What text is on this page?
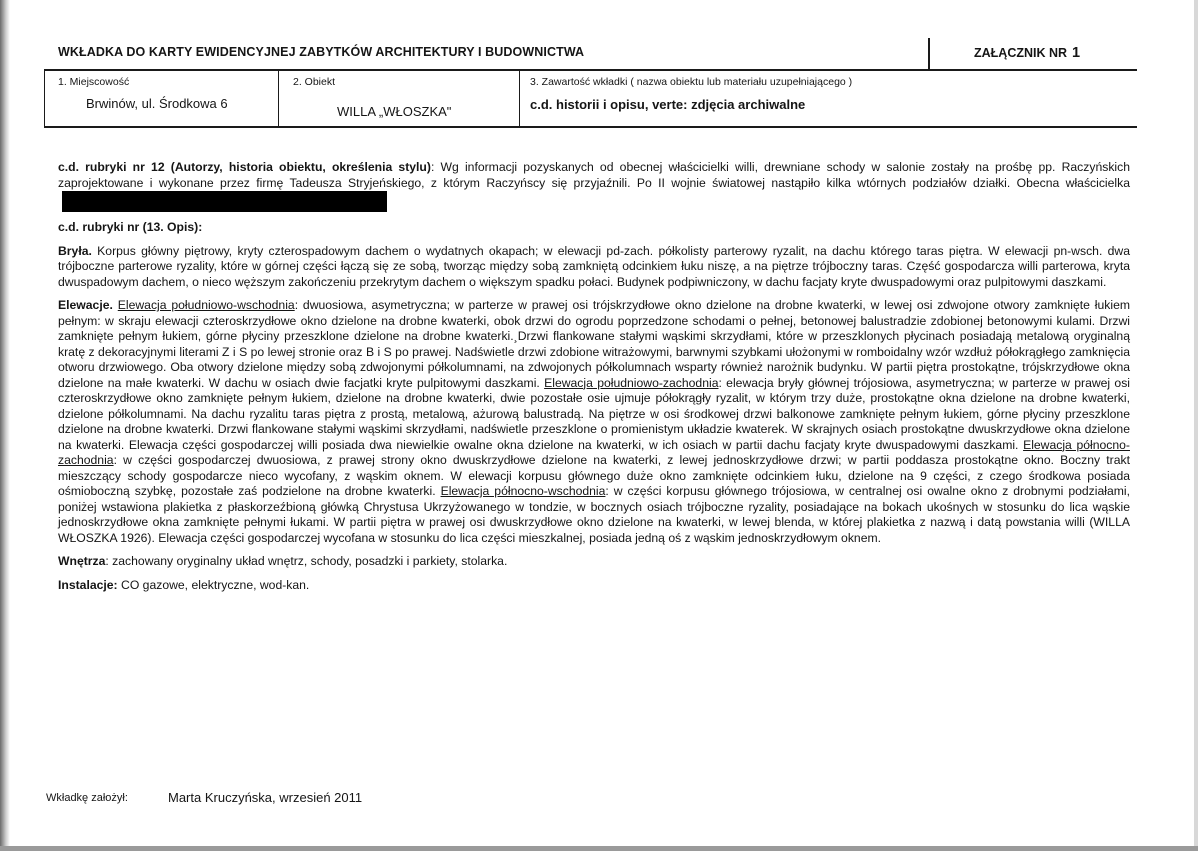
WKŁADKA DO KARTY EWIDENCYJNEJ ZABYTKÓW ARCHITEKTURY I BUDOWNICTWA	ZAŁĄCZNIK NR 1
1. Miejscowość
Brwinów, ul. Środkowa 6
2. Obiekt
WILLA „WŁOSZKA"
3. Zawartość wkładki ( nazwa obiektu lub materiału uzupełniającego )
c.d. historii i opisu, verte: zdjęcia archiwalne

c.d. rubryki nr 12 (Autorzy, historia obiektu, określenia stylu): Wg informacji pozyskanych od obecnej właścicielki willi, drewniane schody w salonie zostały na prośbę pp. Raczyńskich zaprojektowane i wykonane przez firmę Tadeusza Stryjeńskiego, z którym Raczyńscy się przyjaźnili. Po II wojnie światowej nastąpiło kilka wtórnych podziałów działki. Obecna właścicielka

c.d. rubryki nr (13. Opis):

Bryła. Korpus główny piętrowy, kryty czterospadowym dachem o wydatnych okapach; w elewacji pd-zach. półkolisty parterowy ryzalit, na dachu którego taras piętra. W elewacji pn-wsch. dwa trójboczne parterowe ryzality, które w górnej części łączą się ze sobą, tworząc między sobą zamkniętą odcinkiem łuku niszę, a na piętrze trójboczny taras. Część gospodarcza willi parterowa, kryta dwuspadowym dachem, o nieco węższym zakończeniu przekrytym dachem o większym spadku połaci. Budynek podpiwniczony, w dachu facjaty kryte dwuspadowymi oraz pulpitowymi daszkami.

Elewacje. Elewacja południowo-wschodnia: dwuosiowa, asymetryczna; w parterze w prawej osi trójskrzydłowe okno dzielone na drobne kwaterki, w lewej osi zdwojone otwory zamknięte łukiem pełnym: w skraju elewacji czteroskrzydłowe okno dzielone na drobne kwaterki, obok drzwi do ogrodu poprzedzone schodami o pełnej, betonowej balustradzie zdobionej betonowymi kulami. Drzwi zamknięte pełnym łukiem, górne płyciny przeszklone dzielone na drobne kwaterki.¸Drzwi flankowane stałymi wąskimi skrzydłami, które w przeszklonych płycinach posiadają metalową oryginalną kratę z dekoracyjnymi literami Z i S po lewej stronie oraz B i S po prawej. Nadświetle drzwi zdobione witrażowymi, barwnymi szybkami ułożonymi w romboidalny wzór wzdłuż półokrągłego zamknięcia otworu drzwiowego. Oba otwory dzielone między sobą zdwojonymi półkolumnami, na zdwojonych półkolumnach wsparty również narożnik budynku. W partii piętra prostokątne, trójskrzydłowe okna dzielone na małe kwaterki. W dachu w osiach dwie facjatki kryte pulpitowymi daszkami. Elewacja południowo-zachodnia: elewacja bryły głównej trójosiowa, asymetryczna; w parterze w prawej osi czteroskrzydłowe okno zamknięte pełnym łukiem, dzielone na drobne kwaterki, dwie pozostałe osie ujmuje półokrągły ryzalit, w którym trzy duże, prostokątne okna dzielone na drobne kwaterki, dzielone półkolumnami. Na dachu ryzalitu taras piętra z prostą, metalową, ażurową balustradą. Na piętrze w osi środkowej drzwi balkonowe zamknięte pełnym łukiem, górne płyciny przeszklone dzielone na drobne kwaterki. Drzwi flankowane stałymi wąskimi skrzydłami, nadświetle przeszklone o promienistym układzie kwaterek. W skrajnych osiach prostokątne dwuskrzydłowe okna dzielone na kwaterki. Elewacja części gospodarczej willi posiada dwa niewielkie owalne okna dzielone na kwaterki, w ich osiach w partii dachu facjaty kryte dwuspadowymi daszkami. Elewacja północno-zachodnia: w części gospodarczej dwuosiowa, z prawej strony okno dwuskrzydłowe dzielone na kwaterki, z lewej jednoskrzydłowe drzwi; w partii poddasza prostokątne okno. Boczny trakt mieszczący schody gospodarcze nieco wycofany, z wąskim oknem. W elewacji korpusu głównego duże okno zamknięte odcinkiem łuku, dzielone na 9 części, z czego środkowa posiada ośmioboczną szybkę, pozostałe zaś podzielone na drobne kwaterki. Elewacja północno-wschodnia: w części korpusu głównego trójosiowa, w centralnej osi owalne okno z drobnymi podziałami, poniżej wstawiona plakietka z płaskorzeźbioną główką Chrystusa Ukrzyżowanego w tondzie, w bocznych osiach trójboczne ryzality, posiadające na bokach ukośnych w stosunku do lica wąskie jednoskrzydłowe okna zamknięte pełnymi łukami. W partii piętra w prawej osi dwuskrzydłowe okno dzielone na kwaterki, w lewej blenda, w której plakietka z nazwą i datą powstania willi (WILLA WŁOSZKA 1926). Elewacja części gospodarczej wycofana w stosunku do lica części mieszkalnej, posiada jedną oś z wąskim jednoskrzydłowym oknem.

Wnętrza: zachowany oryginalny układ wnętrz, schody, posadzki i parkiety, stolarka.

Instalacje: CO gazowe, elektryczne, wod-kan.

Wkładkę założył:	Marta Kruczyńska, wrzesień 2011
